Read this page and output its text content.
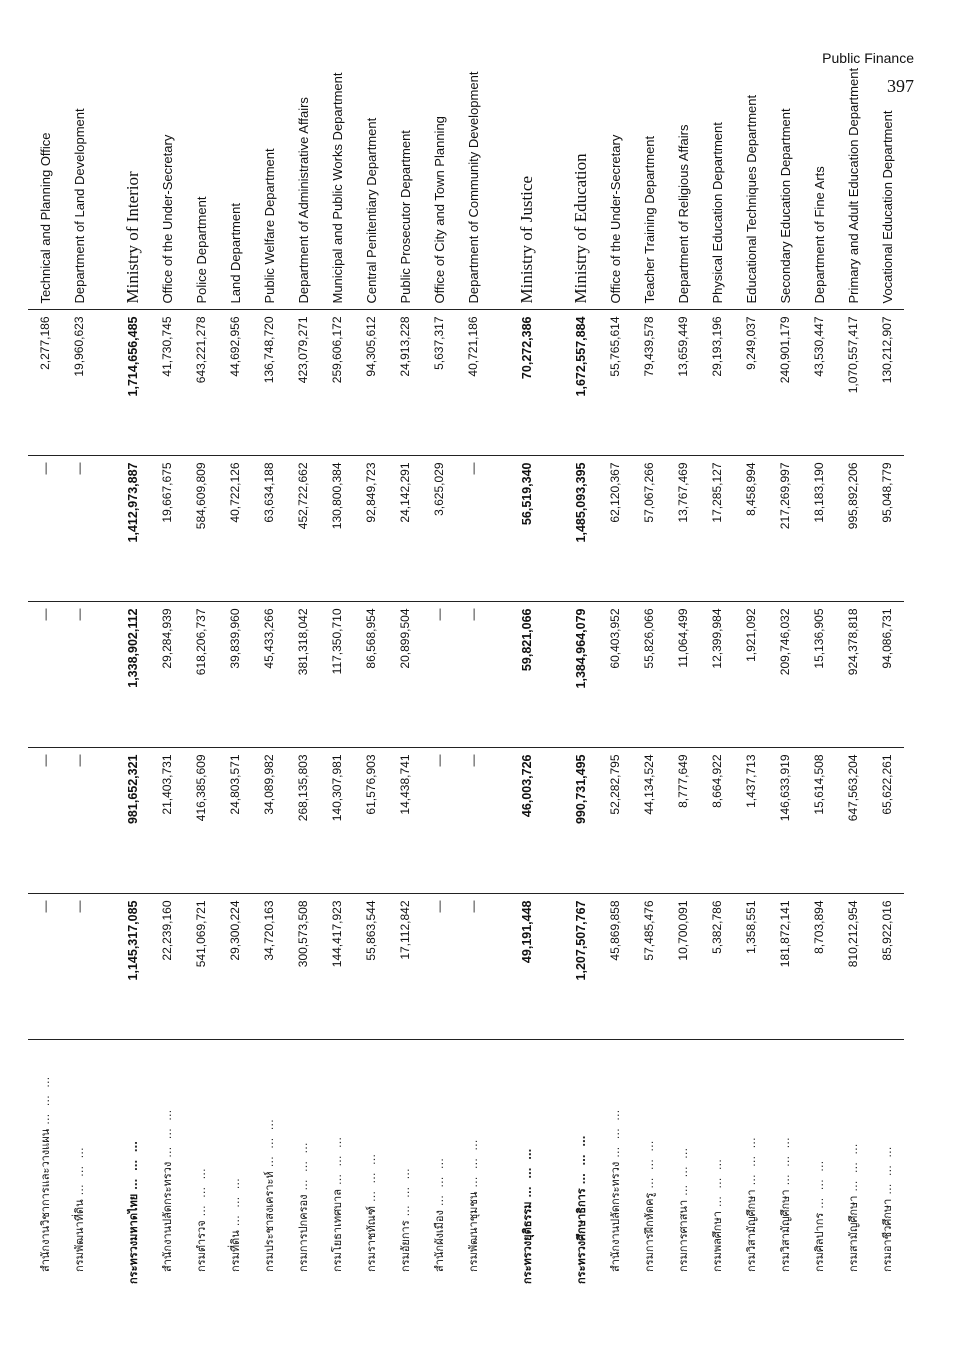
Public Finance
397
สำนักงานวิชาการและวางแผน… … …	—	—	—	—	2,277,186	Technical and Planning Office
กรมพัฒนาที่ดิน… … …	—	—	—	—	19,960,623	Department of Land Development

กระทรวงมหาดไทย… … …	1,145,317,085	981,652,321	1,338,902,112	1,412,973,887	1,714,656,485	Ministry of Interior
สำนักงานปลัดกระทรวง… … …	22,239,160	21,403,731	29,284,939	19,667,675	41,730,745	Office of the Under-Secretary
กรมตำรวจ… … …	541,069,721	416,385,609	618,206,737	584,609,809	643,221,278	Police Department
กรมที่ดิน… … …	29,300,224	24,803,571	39,839,960	40,722,126	44,692,956	Land Department
กรมประชาสงเคราะห์… … …	34,720,163	34,089,982	45,433,266	63,634,188	136,748,720	Public Welfare Department
กรมการปกครอง… … …	300,573,508	268,135,803	381,318,042	452,722,662	423,079,271	Department of Administrative Affairs
กรมโยธาเทศบาล… … …	144,417,923	140,307,981	117,350,710	130,800,384	259,606,172	Municipal and Public Works Department
กรมราชทัณฑ์… … …	55,863,544	61,576,903	86,568,954	92,849,723	94,305,612	Central Penitentiary Department
กรมอัยการ… … …	17,112,842	14,438,741	20,899,504	24,142,291	24,913,228	Public Prosecutor Department
สำนักผังเมือง… … …	—	—	—	3,625,029	5,637,317	Office of City and Town Planning
กรมพัฒนาชุมชน… … …	—	—	—	—	40,721,186	Department of Community Development

กระทรวงยุติธรรม… … …	49,191,448	46,003,726	59,821,066	56,519,340	70,272,386	Ministry of Justice

กระทรวงศึกษาธิการ… … …	1,207,507,767	990,731,495	1,384,964,079	1,485,093,395	1,672,557,884	Ministry of Education
สำนักงานปลัดกระทรวง… … …	45,869,858	52,282,795	60,403,952	62,120,367	55,765,614	Office of the Under-Secretary
กรมการฝึกหัดครู… … …	57,485,476	44,134,524	55,826,066	57,067,266	79,439,578	Teacher Training Department
กรมการศาสนา… … …	10,700,091	8,777,649	11,064,499	13,767,469	13,659,449	Department of Religious Affairs
กรมพลศึกษา… … …	5,382,786	8,664,922	12,399,984	17,285,127	29,193,196	Physical Education Department
กรมวิสามัญศึกษา… … …	1,358,551	1,437,713	1,921,092	8,458,994	9,249,037	Educational Techniques Department
กรมวิสามัญศึกษา… … …	181,872,141	146,633,919	209,746,032	217,269,997	240,901,179	Secondary Education Department
กรมศิลปากร… … …	8,703,894	15,614,508	15,136,905	18,183,190	43,530,447	Department of Fine Arts
กรมสามัญศึกษา… … …	810,212,954	647,563,204	924,378,818	995,892,206	1,070,557,417	Primary and Adult Education Department
กรมอาชีวศึกษา… … …	85,922,016	65,622,261	94,086,731	95,048,779	130,212,907	Vocational Education Department
